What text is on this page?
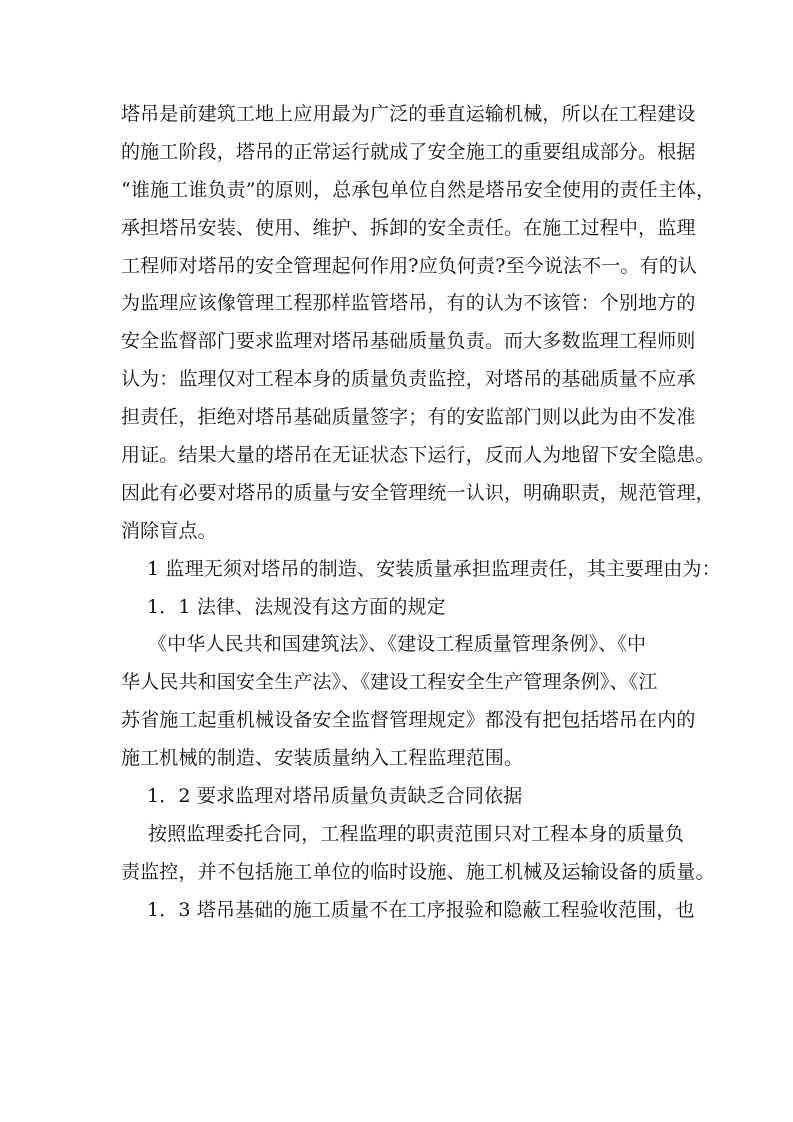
塔吊是前建筑工地上应用最为广泛的垂直运输机械，所以在工程建设
的施工阶段，塔吊的正常运行就成了安全施工的重要组成部分。根据
“谁施工谁负责”的原则，总承包单位自然是塔吊安全使用的责任主体，
承担塔吊安装、使用、维护、拆卸的安全责任。在施工过程中，监理
工程师对塔吊的安全管理起何作用?应负何责?至今说法不一。有的认
为监理应该像管理工程那样监管塔吊，有的认为不该管：个别地方的
安全监督部门要求监理对塔吊基础质量负责。而大多数监理工程师则
认为：监理仅对工程本身的质量负责监控，对塔吊的基础质量不应承
担责任，拒绝对塔吊基础质量签字；有的安监部门则以此为由不发准
用证。结果大量的塔吊在无证状态下运行，反而人为地留下安全隐患。
因此有必要对塔吊的质量与安全管理统一认识，明确职责，规范管理，
消除盲点。
1 监理无须对塔吊的制造、安装质量承担监理责任，其主要理由为：
1．1 法律、法规没有这方面的规定
《中华人民共和国建筑法》、《建设工程质量管理条例》、《中
华人民共和国安全生产法》、《建设工程安全生产管理条例》、《江
苏省施工起重机械设备安全监督管理规定》都没有把包括塔吊在内的
施工机械的制造、安装质量纳入工程监理范围。
1．2 要求监理对塔吊质量负责缺乏合同依据
按照监理委托合同，工程监理的职责范围只对工程本身的质量负
责监控，并不包括施工单位的临时设施、施工机械及运输设备的质量。
1．3 塔吊基础的施工质量不在工序报验和隐蔽工程验收范围，也
